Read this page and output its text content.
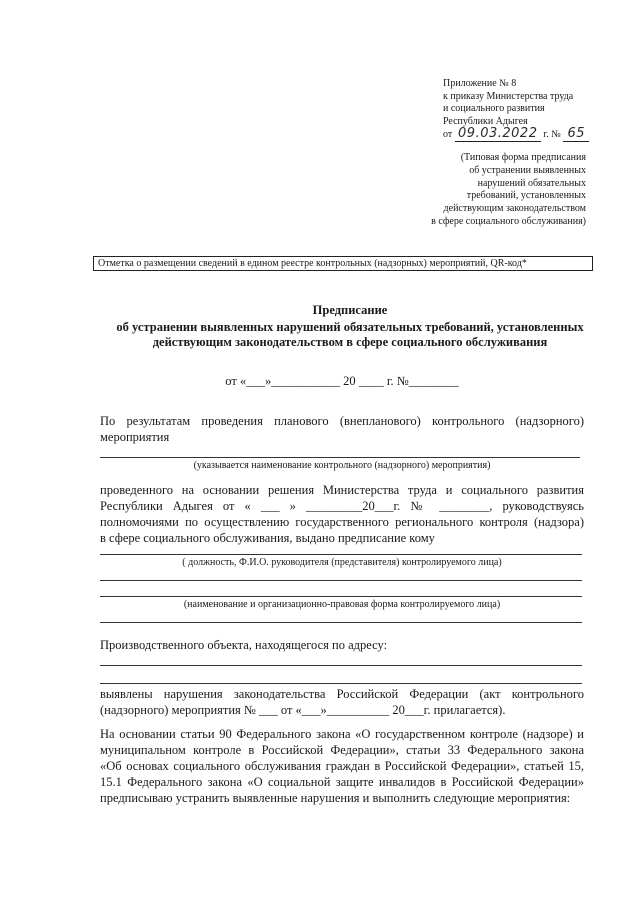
Приложение № 8
к приказу Министерства труда
и социального развития
Республики Адыгея
от 09.03.2022 г. № 65
(Типовая форма предписания
об устранении выявленных
нарушений обязательных
требований, установленных
действующим законодательством
в сфере социального обслуживания)
Отметка о размещении сведений в едином реестре контрольных (надзорных) мероприятий, QR-код*
Предписание
об устранении выявленных нарушений обязательных требований, установленных
действующим законодательством в сфере социального обслуживания
от «___»___________ 20 ____ г. №________
По результатам проведения планового (внепланового) контрольного (надзорного)
мероприятия
(указывается наименование контрольного (надзорного) мероприятия)
проведенного на основании решения Министерства труда и социального развития
Республики Адыгея от « ___ » _________20___г. № ________, руководствуясь
полномочиями по осуществлению государственного регионального контроля (надзора)
в сфере социального обслуживания, выдано предписание кому
( должность, Ф.И.О. руководителя (представителя) контролируемого лица)
(наименование и организационно-правовая форма контролируемого лица)
Производственного объекта, находящегося по адресу:
выявлены нарушения законодательства Российской Федерации (акт контрольного
(надзорного) мероприятия № ___ от «___»__________ 20___г. прилагается).
На основании статьи 90 Федерального закона «О государственном контроле (надзоре) и
муниципальном контроле в Российской Федерации», статьи 33 Федерального закона
«Об основах социального обслуживания граждан в Российской Федерации», статьей 15,
15.1 Федерального закона «О социальной защите инвалидов в Российской Федерации»
предписываю устранить выявленные нарушения и выполнить следующие мероприятия:
